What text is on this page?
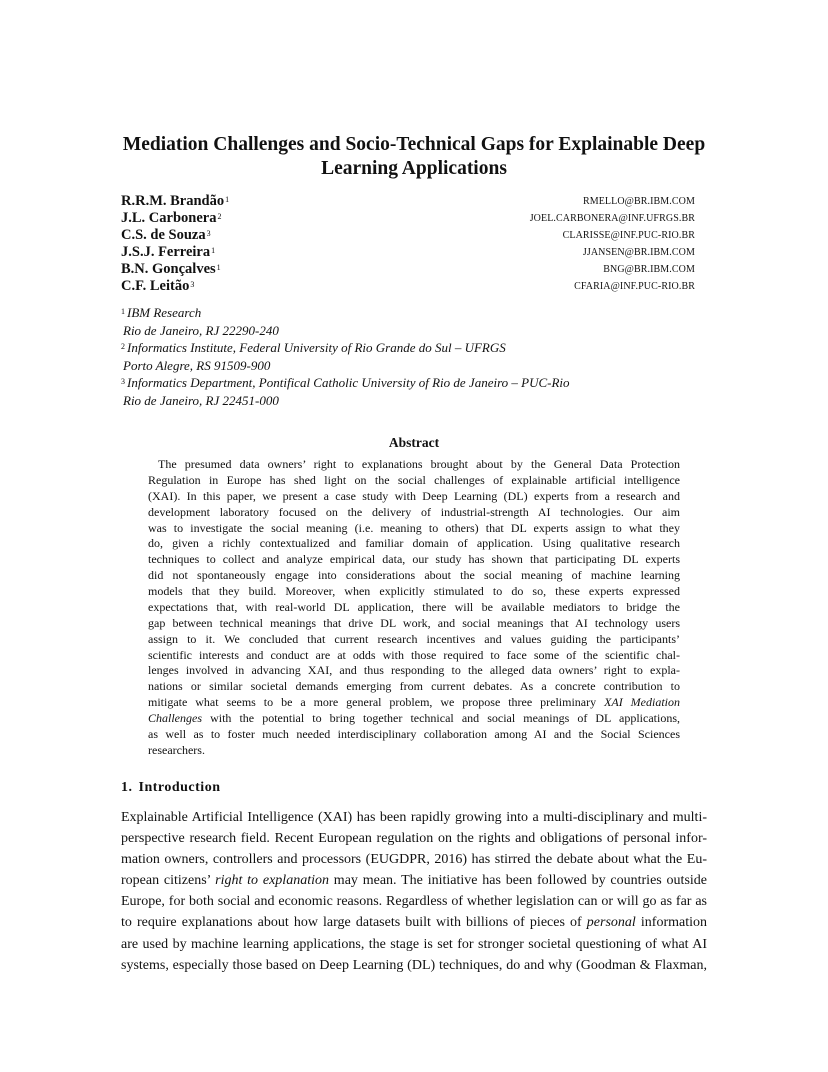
Mediation Challenges and Socio-Technical Gaps for Explainable Deep
Learning Applications
R.R.M. Brandão$^1$	RMELLO@BR.IBM.COM
J.L. Carbonera$^2$	JOEL.CARBONERA@INF.UFRGS.BR
C.S. de Souza$^3$	CLARISSE@INF.PUC-RIO.BR
J.S.J. Ferreira$^1$	JJANSEN@BR.IBM.COM
B.N. Gonçalves$^1$	BNG@BR.IBM.COM
C.F. Leitão$^3$	CFARIA@INF.PUC-RIO.BR
$^1$ IBM Research
Rio de Janeiro, RJ 22290-240
$^2$ Informatics Institute, Federal University of Rio Grande do Sul – UFRGS
Porto Alegre, RS 91509-900
$^3$ Informatics Department, Pontifical Catholic University of Rio de Janeiro – PUC-Rio
Rio de Janeiro, RJ 22451-000
Abstract
The presumed data owners’ right to explanations brought about by the General Data Protection
Regulation in Europe has shed light on the social challenges of explainable artificial intelligence
(XAI). In this paper, we present a case study with Deep Learning (DL) experts from a research and
development laboratory focused on the delivery of industrial-strength AI technologies. Our aim
was to investigate the social meaning (i.e. meaning to others) that DL experts assign to what they
do, given a richly contextualized and familiar domain of application. Using qualitative research
techniques to collect and analyze empirical data, our study has shown that participating DL experts
did not spontaneously engage into considerations about the social meaning of machine learning
models that they build. Moreover, when explicitly stimulated to do so, these experts expressed
expectations that, with real-world DL application, there will be available mediators to bridge the
gap between technical meanings that drive DL work, and social meanings that AI technology users
assign to it. We concluded that current research incentives and values guiding the participants’
scientific interests and conduct are at odds with those required to face some of the scientific chal-
lenges involved in advancing XAI, and thus responding to the alleged data owners’ right to expla-
nations or similar societal demands emerging from current debates. As a concrete contribution to
mitigate what seems to be a more general problem, we propose three preliminary XAI Mediation
Challenges with the potential to bring together technical and social meanings of DL applications,
as well as to foster much needed interdisciplinary collaboration among AI and the Social Sciences
researchers.
1. Introduction
Explainable Artificial Intelligence (XAI) has been rapidly growing into a multi-disciplinary and multi-
perspective research field. Recent European regulation on the rights and obligations of personal infor-
mation owners, controllers and processors (EUGDPR, 2016) has stirred the debate about what the Eu-
ropean citizens’ right to explanation may mean. The initiative has been followed by countries outside
Europe, for both social and economic reasons. Regardless of whether legislation can or will go as far as
to require explanations about how large datasets built with billions of pieces of personal information
are used by machine learning applications, the stage is set for stronger societal questioning of what AI
systems, especially those based on Deep Learning (DL) techniques, do and why (Goodman & Flaxman,
